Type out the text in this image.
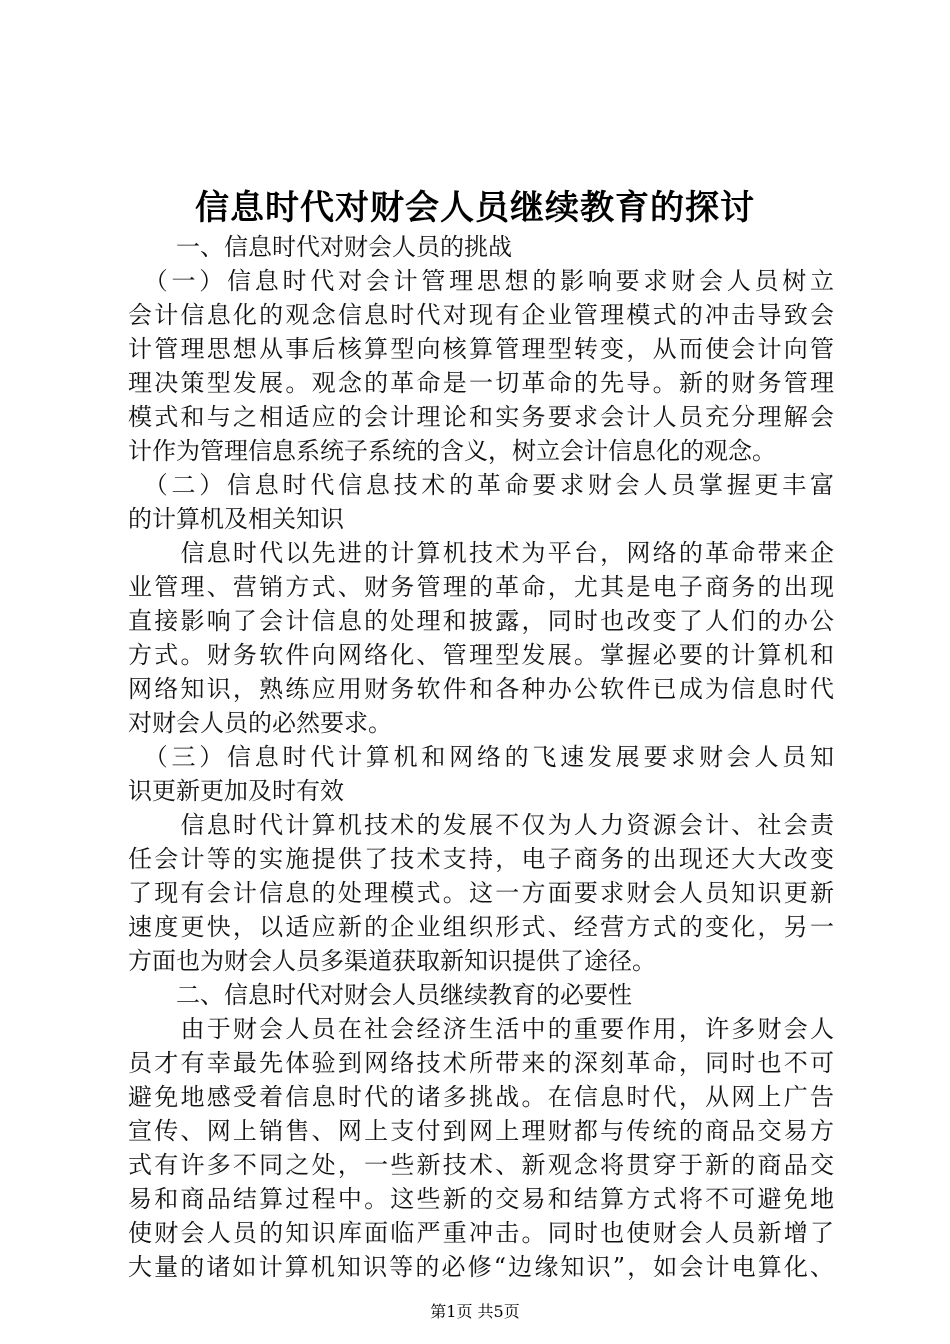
信息时代对财会人员继续教育的探讨
　　一、信息时代对财会人员的挑战
　（一）信息时代对会计管理思想的影响要求财会人员树立
会计信息化的观念信息时代对现有企业管理模式的冲击导致会
计管理思想从事后核算型向核算管理型转变，从而使会计向管
理决策型发展。观念的革命是一切革命的先导。新的财务管理
模式和与之相适应的会计理论和实务要求会计人员充分理解会
计作为管理信息系统子系统的含义，树立会计信息化的观念。
　（二）信息时代信息技术的革命要求财会人员掌握更丰富
的计算机及相关知识
　　信息时代以先进的计算机技术为平台，网络的革命带来企
业管理、营销方式、财务管理的革命，尤其是电子商务的出现
直接影响了会计信息的处理和披露，同时也改变了人们的办公
方式。财务软件向网络化、管理型发展。掌握必要的计算机和
网络知识，熟练应用财务软件和各种办公软件已成为信息时代
对财会人员的必然要求。
　（三）信息时代计算机和网络的飞速发展要求财会人员知
识更新更加及时有效
　　信息时代计算机技术的发展不仅为人力资源会计、社会责
任会计等的实施提供了技术支持，电子商务的出现还大大改变
了现有会计信息的处理模式。这一方面要求财会人员知识更新
速度更快，以适应新的企业组织形式、经营方式的变化，另一
方面也为财会人员多渠道获取新知识提供了途径。
　　二、信息时代对财会人员继续教育的必要性
　　由于财会人员在社会经济生活中的重要作用，许多财会人
员才有幸最先体验到网络技术所带来的深刻革命，同时也不可
避免地感受着信息时代的诸多挑战。在信息时代，从网上广告
宣传、网上销售、网上支付到网上理财都与传统的商品交易方
式有许多不同之处，一些新技术、新观念将贯穿于新的商品交
易和商品结算过程中。这些新的交易和结算方式将不可避免地
使财会人员的知识库面临严重冲击。同时也使财会人员新增了
大量的诸如计算机知识等的必修“边缘知识”，如会计电算化、
第1页 共5页
